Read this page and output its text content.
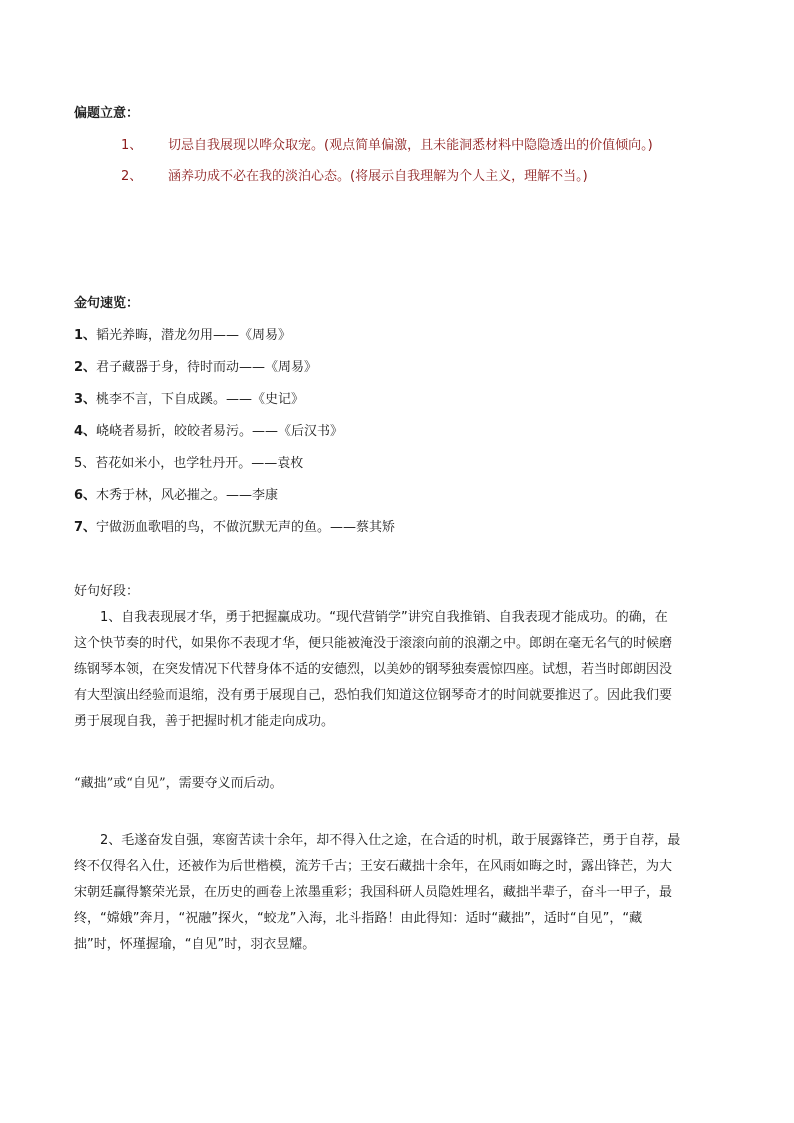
偏题立意：
1、 切忌自我展现以哗众取宠。(观点简单偏激，且未能洞悉材料中隐隐透出的价值倾向。)
2、 涵养功成不必在我的淡泊心态。(将展示自我理解为个人主义，理解不当。)
金句速览：
1、韬光养晦，潜龙勿用——《周易》
2、君子藏器于身，待时而动——《周易》
3、桃李不言，下自成蹊。——《史记》
4、峣峣者易折，皎皎者易污。——《后汉书》
5、苔花如米小，也学牡丹开。——袁枚
6、木秀于林，风必摧之。——李康
7、宁做沥血歌唱的鸟，不做沉默无声的鱼。——蔡其矫
好句好段：
1、自我表现展才华，勇于把握赢成功。“现代营销学”讲究自我推销、自我表现才能成功。的确，在
这个快节奏的时代，如果你不表现才华，便只能被淹没于滚滚向前的浪潮之中。郎朗在毫无名气的时候磨
练钢琴本领，在突发情况下代替身体不适的安德烈，以美妙的钢琴独奏震惊四座。试想，若当时郎朗因没
有大型演出经验而退缩，没有勇于展现自己，恐怕我们知道这位钢琴奇才的时间就要推迟了。因此我们要
勇于展现自我，善于把握时机才能走向成功。
“藏拙”或“自见”，需要夺义而后动。
2、毛遂奋发自强，寒窗苦读十余年，却不得入仕之途，在合适的时机，敢于展露锋芒，勇于自荐，最
终不仅得名入仕，还被作为后世楷模，流芳千古；王安石藏拙十余年，在风雨如晦之时，露出锋芒，为大
宋朝廷赢得繁荣光景，在历史的画卷上浓墨重彩；我国科研人员隐姓埋名，藏拙半辈子，奋斗一甲子，最
终，“嫦娥”奔月，“祝融”探火，“蛟龙”入海，北斗指路！由此得知：适时“藏拙”，适时“自见”，“藏
拙”时，怀瑾握瑜，“自见”时，羽衣昱耀。
